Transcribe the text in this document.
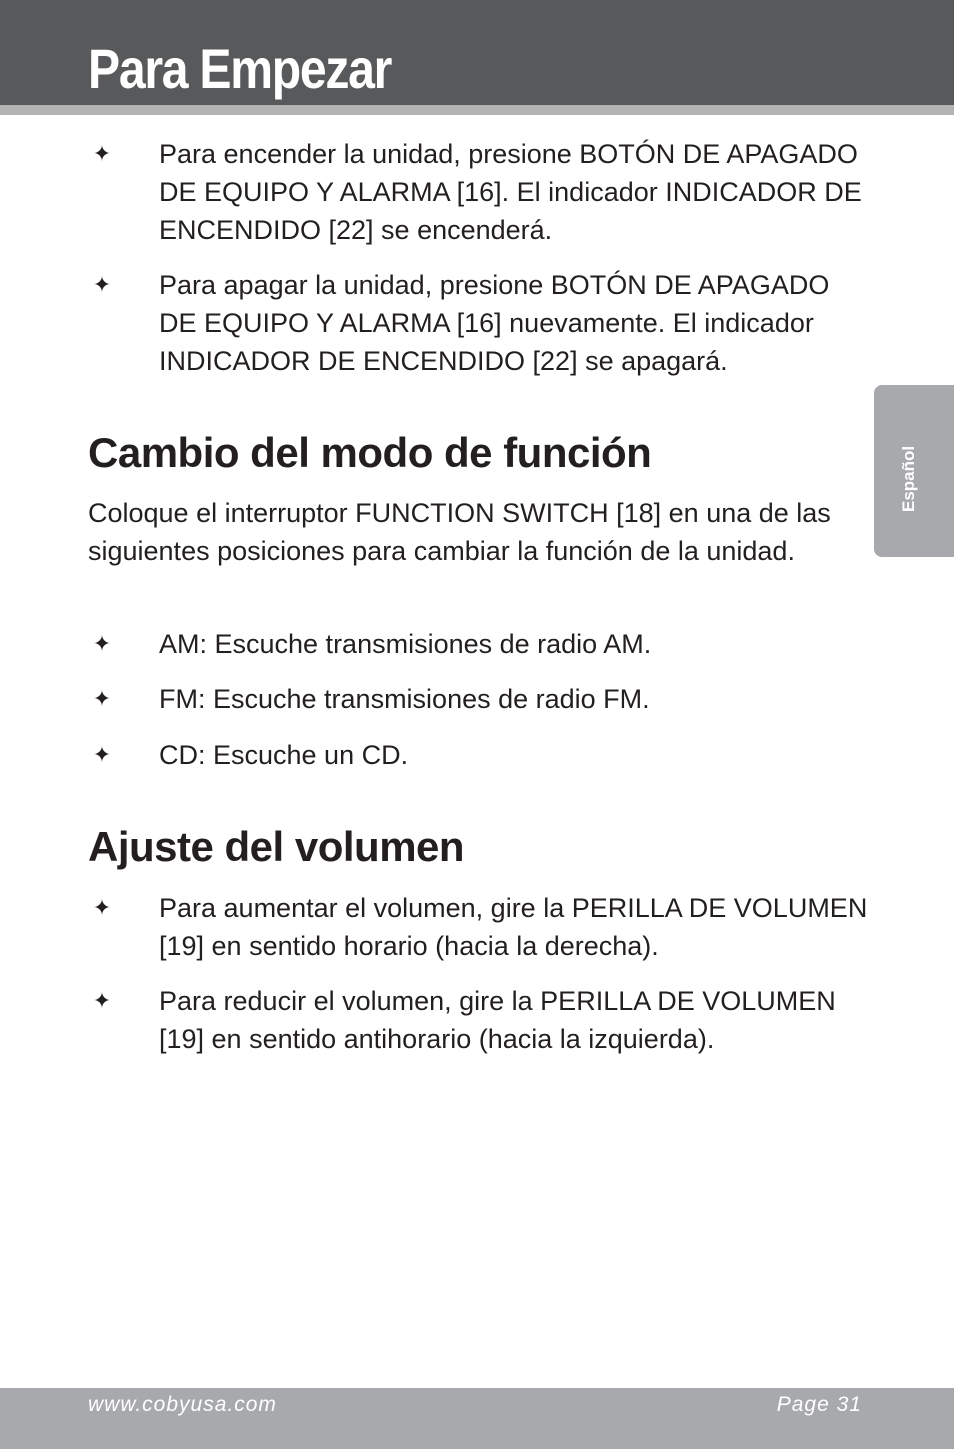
Para Empezar
Español
✦ Para encender la unidad, presione BOTÓN DE APAGADO DE EQUIPO Y ALARMA [16]. El indicador INDICADOR DE ENCENDIDO [22] se encenderá.
✦ Para apagar la unidad, presione BOTÓN DE APAGADO DE EQUIPO Y ALARMA [16] nuevamente. El indicador INDICADOR DE ENCENDIDO [22] se apagará.
Cambio del modo de función

Coloque el interruptor FUNCTION SWITCH [18] en una de las siguientes posiciones para cambiar la función de la unidad.

✦ AM: Escuche transmisiones de radio AM.
✦ FM: Escuche transmisiones de radio FM.
✦ CD: Escuche un CD.
Ajuste del volumen
✦ Para aumentar el volumen, gire la PERILLA DE VOLUMEN [19] en sentido horario (hacia la derecha).
✦ Para reducir el volumen, gire la PERILLA DE VOLUMEN [19] en sentido antihorario (hacia la izquierda).
www.cobyusa.com	Page 31
